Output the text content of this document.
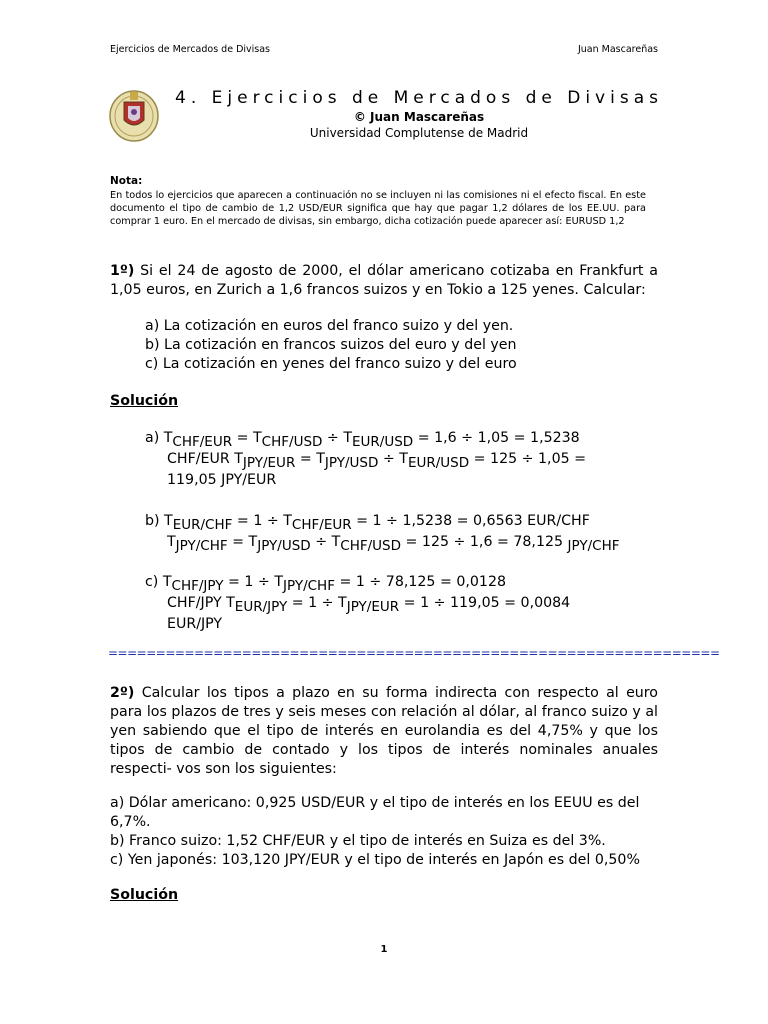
Ejercicios de Mercados de Divisas	Juan Mascareñas
4. Ejercicios de Mercados de Divisas
© Juan Mascareñas
Universidad Complutense de Madrid
Nota:
En todos lo ejercicios que aparecen a continuación no se incluyen ni las comisiones ni el efecto fiscal. En este documento el tipo de cambio de 1,2 USD/EUR significa que hay que pagar 1,2 dólares de los EE.UU. para comprar 1 euro. En el mercado de divisas, sin embargo, dicha cotización puede aparecer así: EURUSD 1,2
1º) Si el 24 de agosto de 2000, el dólar americano cotizaba en Frankfurt a 1,05 euros, en Zurich a 1,6 francos suizos y en Tokio a 125 yenes. Calcular:
a) La cotización en euros del franco suizo y del yen.
b) La cotización en francos suizos del euro y del yen
c) La cotización en yenes del franco suizo y del euro
Solución
a) $T_{CHF/EUR} = T_{CHF/USD} \div T_{EUR/USD} = 1,6 \div 1,05 = 1,5238$
CHF/EUR $T_{JPY/EUR} = T_{JPY/USD} \div T_{EUR/USD} = 125 \div 1,05$ =
119,05 JPY/EUR
b) $T_{EUR/CHF} = 1 \div T_{CHF/EUR} = 1 \div 1,5238 = 0,6563$ EUR/CHF
$T_{JPY/CHF} = T_{JPY/USD} \div T_{CHF/USD} = 125 \div 1,6 = 78,125$ $_{JPY/CHF}$
c) $T_{CHF/JPY} = 1 \div T_{JPY/CHF} = 1 \div 78,125 = 0,0128$
CHF/JPY $T_{EUR/JPY} = 1 \div T_{JPY/EUR} = 1 \div 119,05 = 0,0084$
EUR/JPY
================================================================
2º) Calcular los tipos a plazo en su forma indirecta con respecto al euro para los plazos de tres y seis meses con relación al dólar, al franco suizo y al yen sabiendo que el tipo de interés en eurolandia es del 4,75% y que los tipos de cambio de contado y los tipos de interés nominales anuales respecti- vos son los siguientes:
a) Dólar americano: 0,925 USD/EUR y el tipo de interés en los EEUU es del 6,7%.
b) Franco suizo: 1,52 CHF/EUR y el tipo de interés en Suiza es del 3%.
c) Yen japonés: 103,120 JPY/EUR y el tipo de interés en Japón es del 0,50%
Solución
1
